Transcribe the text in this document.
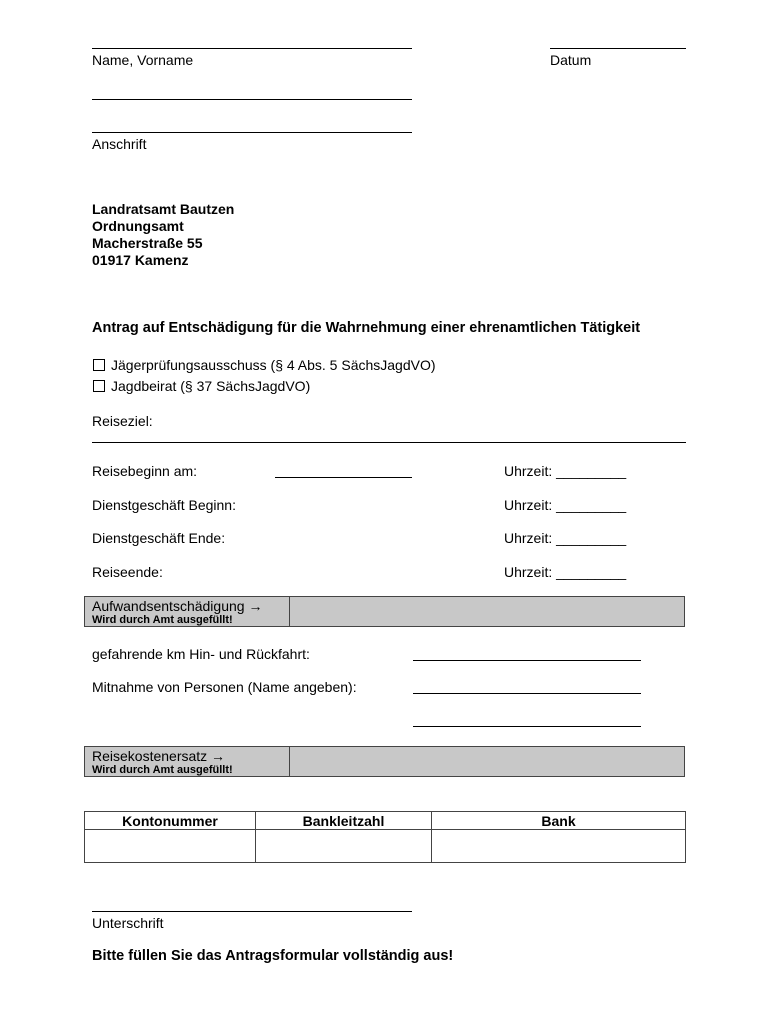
Name, Vorname	Datum
Anschrift
Landratsamt Bautzen
Ordnungsamt
Macherstraße 55
01917 Kamenz
Antrag auf Entschädigung für die Wahrnehmung einer ehrenamtlichen Tätigkeit
Jägerprüfungsausschuss (§ 4 Abs. 5 SächsJagdVO)
Jagdbeirat (§ 37 SächsJagdVO)
Reiseziel:
Reisebeginn am:	Uhrzeit: _________
Dienstgeschäft Beginn:	Uhrzeit: _________
Dienstgeschäft Ende:	Uhrzeit: _________
Reiseende:	Uhrzeit: _________
Aufwandsentschädigung →
Wird durch Amt ausgefüllt!
gefahrende km Hin- und Rückfahrt:
Mitnahme von Personen (Name angeben):
Reisekostenersatz →
Wird durch Amt ausgefüllt!
Kontonummer	Bankleitzahl	Bank

Unterschrift
Bitte füllen Sie das Antragsformular vollständig aus!
